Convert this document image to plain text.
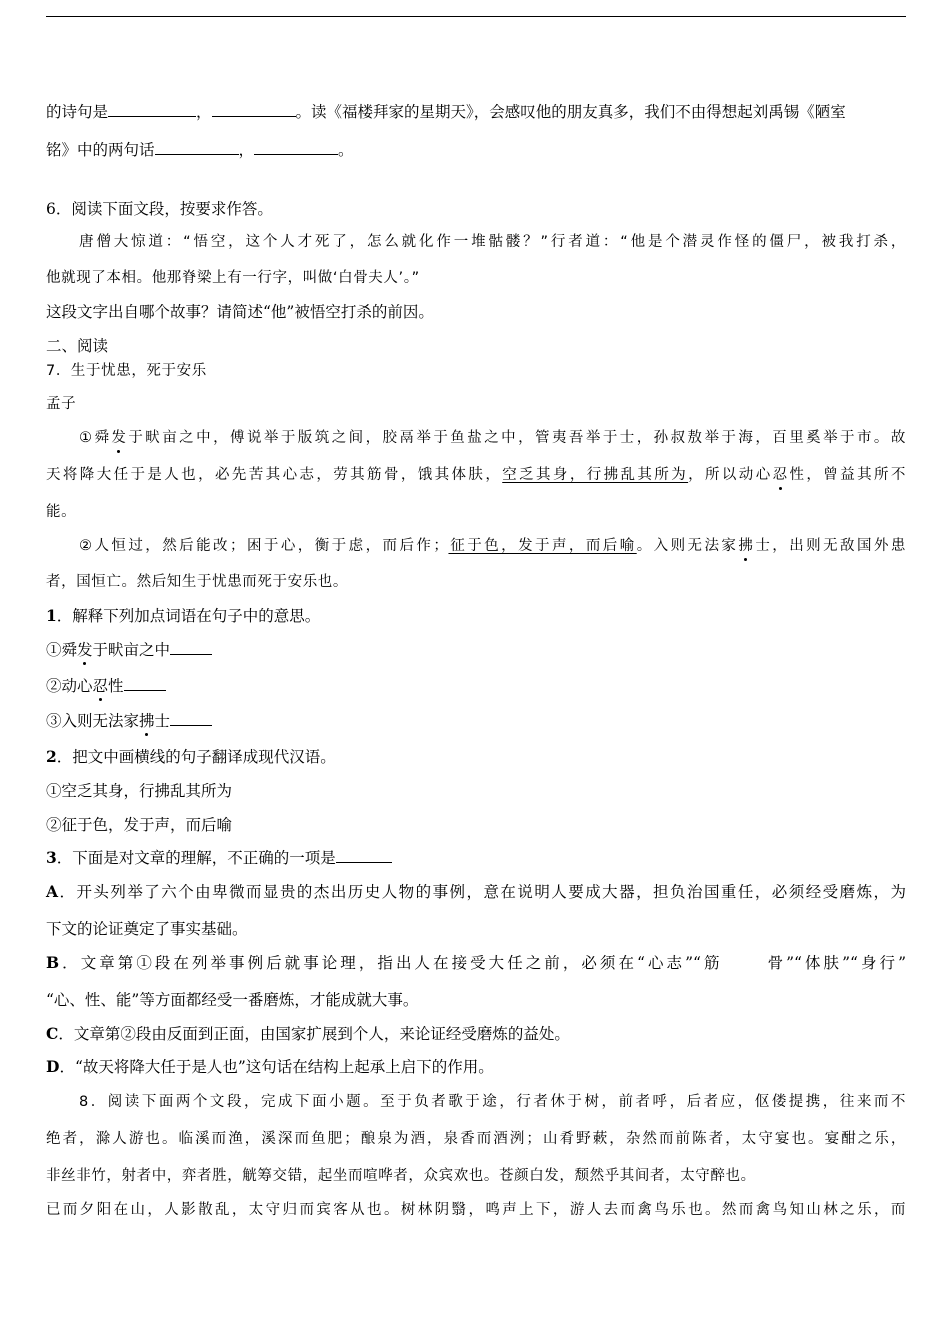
的诗句是	，	。读《福楼拜家的星期天》，会感叹他的朋友真多，我们不由得想起刘禹锡《陋室
铭》中的两句话	，	。
6．阅读下面文段，按要求作答。
唐僧大惊道：“悟空，这个人才死了，怎么就化作一堆骷髅？”行者道：“他是个潜灵作怪的僵尸，被我打杀，
他就现了本相。他那脊梁上有一行字，叫做‘白骨夫人’。”
这段文字出自哪个故事？请简述“他”被悟空打杀的前因。
二、阅读
7．生于忧患，死于安乐
孟子
①舜发于畎亩之中，傅说举于版筑之间，胶鬲举于鱼盐之中，管夷吾举于士，孙叔敖举于海，百里奚举于市。故
天将降大任于是人也，必先苦其心志，劳其筋骨，饿其体肤，空乏其身，行拂乱其所为，所以动心忍性，曾益其所不
能。
②人恒过，然后能改；困于心，衡于虑，而后作；征于色，发于声，而后喻。入则无法家拂士，出则无敌国外患
者，国恒亡。然后知生于忧患而死于安乐也。
1．解释下列加点词语在句子中的意思。
①舜发于畎亩之中
②动心忍性
③入则无法家拂士
2．把文中画横线的句子翻译成现代汉语。
①空乏其身，行拂乱其所为
②征于色，发于声，而后喻
3．下面是对文章的理解，不正确的一项是
A．开头列举了六个由卑微而显贵的杰出历史人物的事例，意在说明人要成大器，担负治国重任，必须经受磨炼，为
下文的论证奠定了事实基础。
B．文章第①段在列举事例后就事论理，指出人在接受大任之前，必须在“心志”“筋　　 骨”“体肤”“身行”
“心、性、能”等方面都经受一番磨炼，才能成就大事。
C．文章第②段由反面到正面，由国家扩展到个人，来论证经受磨炼的益处。
D．“故天将降大任于是人也”这句话在结构上起承上启下的作用。
8．阅读下面两个文段，完成下面小题。至于负者歌于途，行者休于树，前者呼，后者应，伛偻提携，往来而不
绝者，滁人游也。临溪而渔，溪深而鱼肥；酿泉为酒，泉香而酒洌；山肴野蔌，杂然而前陈者，太守宴也。宴酣之乐，
非丝非竹，射者中，弈者胜，觥筹交错，起坐而喧哗者，众宾欢也。苍颜白发，颓然乎其间者，太守醉也。
已而夕阳在山，人影散乱，太守归而宾客从也。树林阴翳，鸣声上下，游人去而禽鸟乐也。然而禽鸟知山林之乐，而
